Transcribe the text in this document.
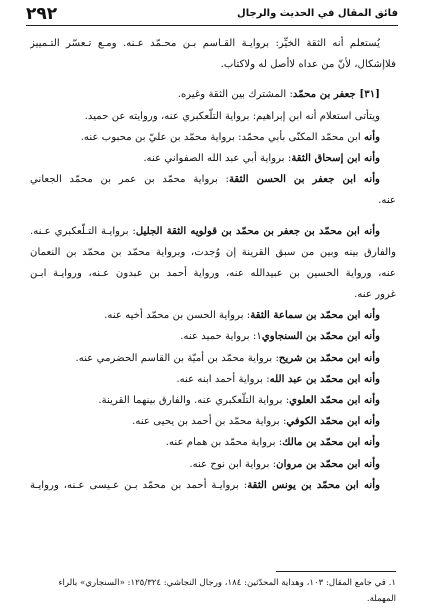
٢٩٢	فائق المقال في الحديث والرجال
يُستعلم أنه الثقة الخيِّر: بروايـة القـاسم بـن محـمّد عـنه. ومـع تـعسّر التـمييز
فلاإشكال، لأنّ من عداه لاأصل له ولاكتاب.
[٣١] جعفر بن محمّد: المشترك بين الثقة وغيره.
ويتأتى استعلام أنه ابن إبراهيم: برواية التلّعكبري عنه، وروايته عن حميد.
وأنه ابن محمّد المكنّى بأبي محمّد: برواية محمّد بن عليّ بن محبوب عنه.
وأنه ابن إسحاق الثقة: برواية أبي عبد الله الصفواني عنه.
وأنه ابن جعفر بن الحسن الثقة: برواية محمّد بن عمر بن محمّد الجعاني
عنه.
وأنه ابن محمّد بن جعفر بن محمّد بن قولويه الثقة الجليل: بروايـة التـلّعكبري عـنه.
والفارق بينه وبين من سبق القرينة إن وُجدت، وبرواية محمّد بن محمّد بن النعمان
عنه، ورواية الحسين بن عبيدالله عنه، ورواية أحمد بن عبدون عـنه، وروايـة ابـن
غرور عنه.
وأنه ابن محمّد بن سماعة الثقة: برواية الحسن بن محمّد أخيه عنه.
وأنه ابن محمّد بن السنجاوي١: برواية حميد عنه.
وأنه ابن محمّد بن شريح: برواية محمّد بن أميّة بن القاسم الحضرمي عنه.
وأنه ابن محمّد بن عبد الله: برواية أحمد ابنه عنه.
وأنه ابن محمّد العلوي: برواية التلّعكبري عنه. والفارق بينهما القرينة.
وأنه ابن محمّد الكوفي: برواية محمّد بن أحمد بن يحيى عنه.
وأنه ابن محمّد بن مالك: برواية محمّد بن همام عنه.
وأنه ابن محمّد بن مروان: برواية ابن نوح عنه.
وأنه ابن محمّد بن يونس الثقة: بروايـة أحمد بن محمّد بـن عـيسى عـنه، وروايـة
١. في جامع المقال: ١٠٣، وهداية المحدّثين: ١٨٤، ورجال النجاشي: ١٢٥/٣٢٤: «السنجاري» بالراء
المهملة.
